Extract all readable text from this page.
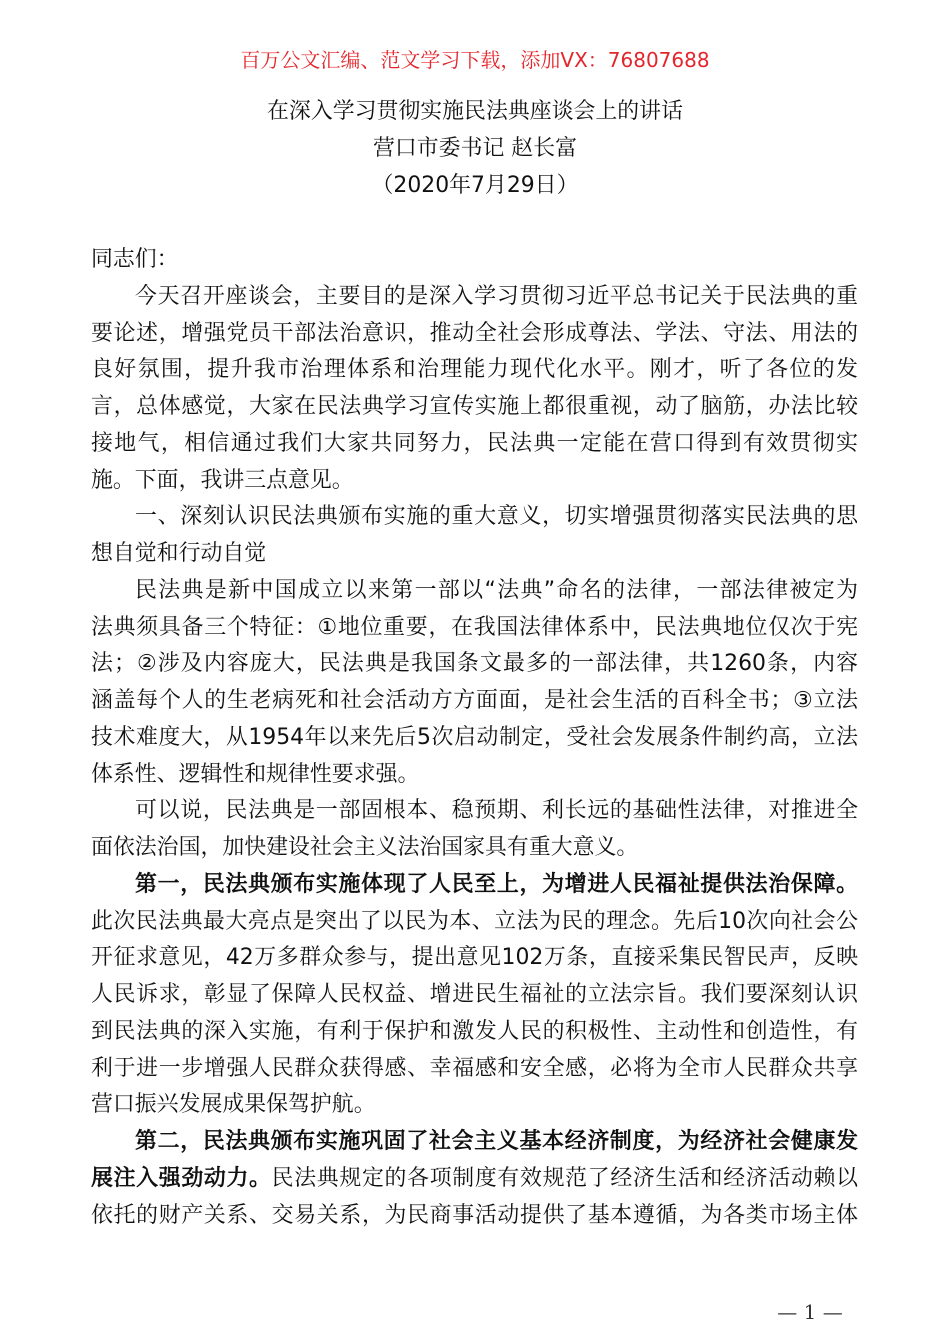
百万公文汇编、范文学习下载，添加VX：76807688
在深入学习贯彻实施民法典座谈会上的讲话
营口市委书记 赵长富
（2020年7月29日）
同志们：
今天召开座谈会，主要目的是深入学习贯彻习近平总书记关于民法典的重
要论述，增强党员干部法治意识，推动全社会形成尊法、学法、守法、用法的
良好氛围，提升我市治理体系和治理能力现代化水平。刚才，听了各位的发
言，总体感觉，大家在民法典学习宣传实施上都很重视，动了脑筋，办法比较
接地气，相信通过我们大家共同努力，民法典一定能在营口得到有效贯彻实
施。下面，我讲三点意见。
一、深刻认识民法典颁布实施的重大意义，切实增强贯彻落实民法典的思
想自觉和行动自觉
民法典是新中国成立以来第一部以“法典”命名的法律，一部法律被定为
法典须具备三个特征：①地位重要，在我国法律体系中，民法典地位仅次于宪
法；②涉及内容庞大，民法典是我国条文最多的一部法律，共1260条，内容
涵盖每个人的生老病死和社会活动方方面面，是社会生活的百科全书；③立法
技术难度大，从1954年以来先后5次启动制定，受社会发展条件制约高，立法
体系性、逻辑性和规律性要求强。
可以说，民法典是一部固根本、稳预期、利长远的基础性法律，对推进全
面依法治国，加快建设社会主义法治国家具有重大意义。
第一，民法典颁布实施体现了人民至上，为增进人民福祉提供法治保障。
此次民法典最大亮点是突出了以民为本、立法为民的理念。先后10次向社会公
开征求意见，42万多群众参与，提出意见102万条，直接采集民智民声，反映
人民诉求，彰显了保障人民权益、增进民生福祉的立法宗旨。我们要深刻认识
到民法典的深入实施，有利于保护和激发人民的积极性、主动性和创造性，有
利于进一步增强人民群众获得感、幸福感和安全感，必将为全市人民群众共享
营口振兴发展成果保驾护航。
第二，民法典颁布实施巩固了社会主义基本经济制度，为经济社会健康发
展注入强劲动力。民法典规定的各项制度有效规范了经济生活和经济活动赖以
依托的财产关系、交易关系，为民商事活动提供了基本遵循，为各类市场主体
— 1 —
